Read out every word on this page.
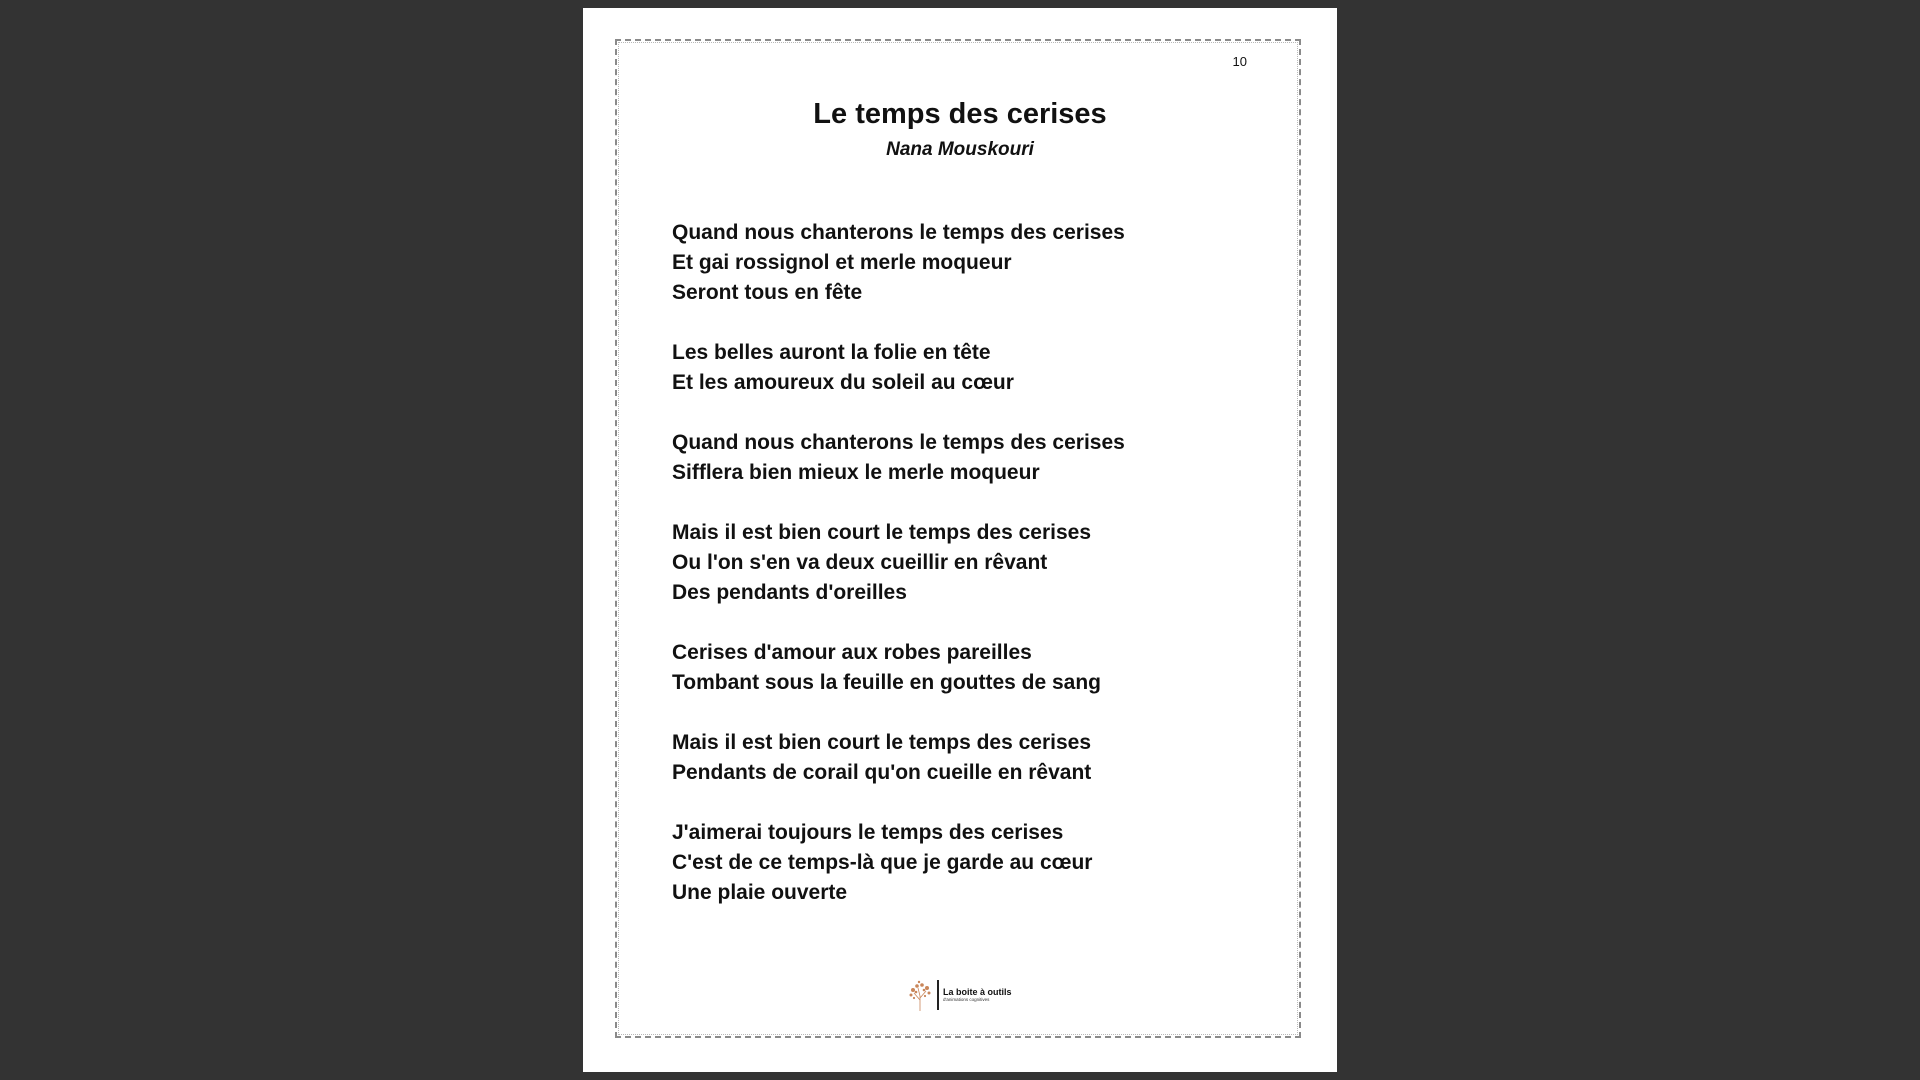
10
Le temps des cerises
Nana Mouskouri
Quand nous chanterons le temps des cerises
Et gai rossignol et merle moqueur
Seront tous en fête
Les belles auront la folie en tête
Et les amoureux du soleil au cœur
Quand nous chanterons le temps des cerises
Sifflera bien mieux le merle moqueur
Mais il est bien court le temps des cerises
Ou l'on s'en va deux cueillir en rêvant
Des pendants d'oreilles
Cerises d'amour aux robes pareilles
Tombant sous la feuille en gouttes de sang
Mais il est bien court le temps des cerises
Pendants de corail qu'on cueille en rêvant
J'aimerai toujours le temps des cerises
C'est de ce temps-là que je garde au cœur
Une plaie ouverte
La boite à outils
d'animations cognitives
